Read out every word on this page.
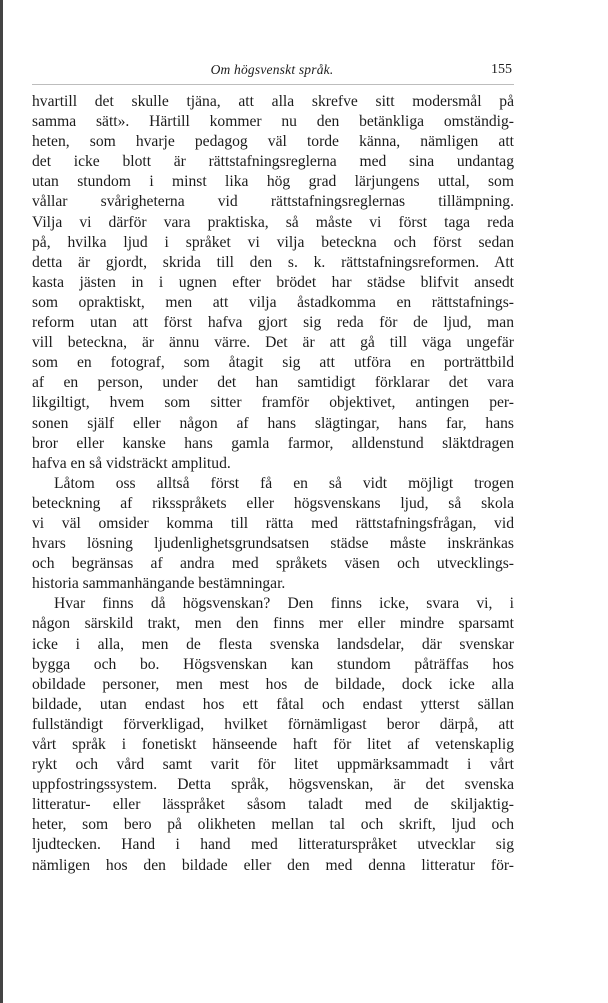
Om högsvenskt språk.	155
hvartill det skulle tjäna, att alla skrefve sitt modersmål på
samma sätt». Härtill kommer nu den betänkliga omständig-
heten, som hvarje pedagog väl torde känna, nämligen att
det icke blott är rättstafningsreglerna med sina undantag
utan stundom i minst lika hög grad lärjungens uttal, som
vållar svårigheterna vid rättstafningsreglernas tillämpning.
Vilja vi därför vara praktiska, så måste vi först taga reda
på, hvilka ljud i språket vi vilja beteckna och först sedan
detta är gjordt, skrida till den s. k. rättstafningsreformen. Att
kasta jästen in i ugnen efter brödet har städse blifvit ansedt
som opraktiskt, men att vilja åstadkomma en rättstafnings-
reform utan att först hafva gjort sig reda för de ljud, man
vill beteckna, är ännu värre. Det är att gå till väga ungefär
som en fotograf, som åtagit sig att utföra en porträttbild
af en person, under det han samtidigt förklarar det vara
likgiltigt, hvem som sitter framför objektivet, antingen per-
sonen själf eller någon af hans slägtingar, hans far, hans
bror eller kanske hans gamla farmor, alldenstund släktdragen
hafva en så vidsträckt amplitud.
Låtom oss alltså först få en så vidt möjligt trogen
beteckning af riksspråkets eller högsvenskans ljud, så skola
vi väl omsider komma till rätta med rättstafningsfrågan, vid
hvars lösning ljudenlighetsgrundsatsen städse måste inskränkas
och begränsas af andra med språkets väsen och utvecklings-
historia sammanhängande bestämningar.
Hvar finns då högsvenskan? Den finns icke, svara vi, i
någon särskild trakt, men den finns mer eller mindre sparsamt
icke i alla, men de flesta svenska landsdelar, där svenskar
bygga och bo. Högsvenskan kan stundom påträffas hos
obildade personer, men mest hos de bildade, dock icke alla
bildade, utan endast hos ett fåtal och endast ytterst sällan
fullständigt förverkligad, hvilket förnämligast beror därpå, att
vårt språk i fonetiskt hänseende haft för litet af vetenskaplig
rykt och vård samt varit för litet uppmärksammadt i vårt
uppfostringssystem. Detta språk, högsvenskan, är det svenska
litteratur- eller lässpråket såsom taladt med de skiljaktig-
heter, som bero på olikheten mellan tal och skrift, ljud och
ljudtecken. Hand i hand med litteraturspråket utvecklar sig
nämligen hos den bildade eller den med denna litteratur för-
